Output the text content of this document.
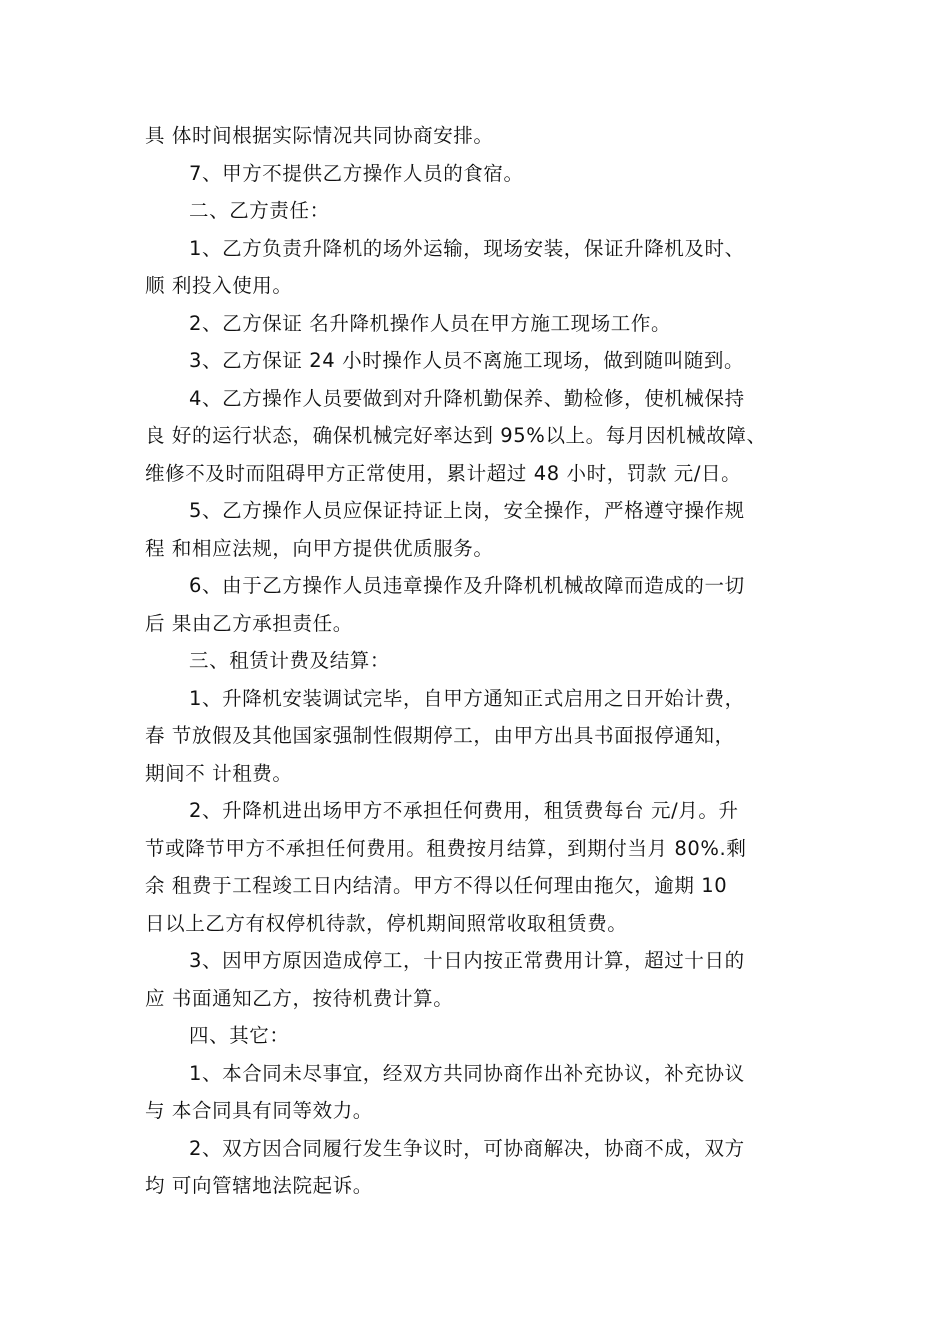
具 体时间根据实际情况共同协商安排。
7、甲方不提供乙方操作人员的食宿。
二、乙方责任：
1、乙方负责升降机的场外运输，现场安装，保证升降机及时、
顺 利投入使用。
2、乙方保证 名升降机操作人员在甲方施工现场工作。
3、乙方保证 24 小时操作人员不离施工现场，做到随叫随到。
4、乙方操作人员要做到对升降机勤保养、勤检修，使机械保持
良 好的运行状态，确保机械完好率达到 95%以上。每月因机械故障、
维修不及时而阻碍甲方正常使用，累计超过 48 小时，罚款 元/日。
5、乙方操作人员应保证持证上岗，安全操作，严格遵守操作规
程 和相应法规，向甲方提供优质服务。
6、由于乙方操作人员违章操作及升降机机械故障而造成的一切
后 果由乙方承担责任。
三、租赁计费及结算：
1、升降机安装调试完毕，自甲方通知正式启用之日开始计费，
春 节放假及其他国家强制性假期停工，由甲方出具书面报停通知，
期间不 计租费。
2、升降机进出场甲方不承担任何费用，租赁费每台 元/月。升
节或降节甲方不承担任何费用。租费按月结算，到期付当月 80%.剩
余 租费于工程竣工日内结清。甲方不得以任何理由拖欠，逾期 10
日以上乙方有权停机待款，停机期间照常收取租赁费。
3、因甲方原因造成停工，十日内按正常费用计算，超过十日的
应 书面通知乙方，按待机费计算。
四、其它：
1、本合同未尽事宜，经双方共同协商作出补充协议，补充协议
与 本合同具有同等效力。
2、双方因合同履行发生争议时，可协商解决，协商不成，双方
均 可向管辖地法院起诉。
